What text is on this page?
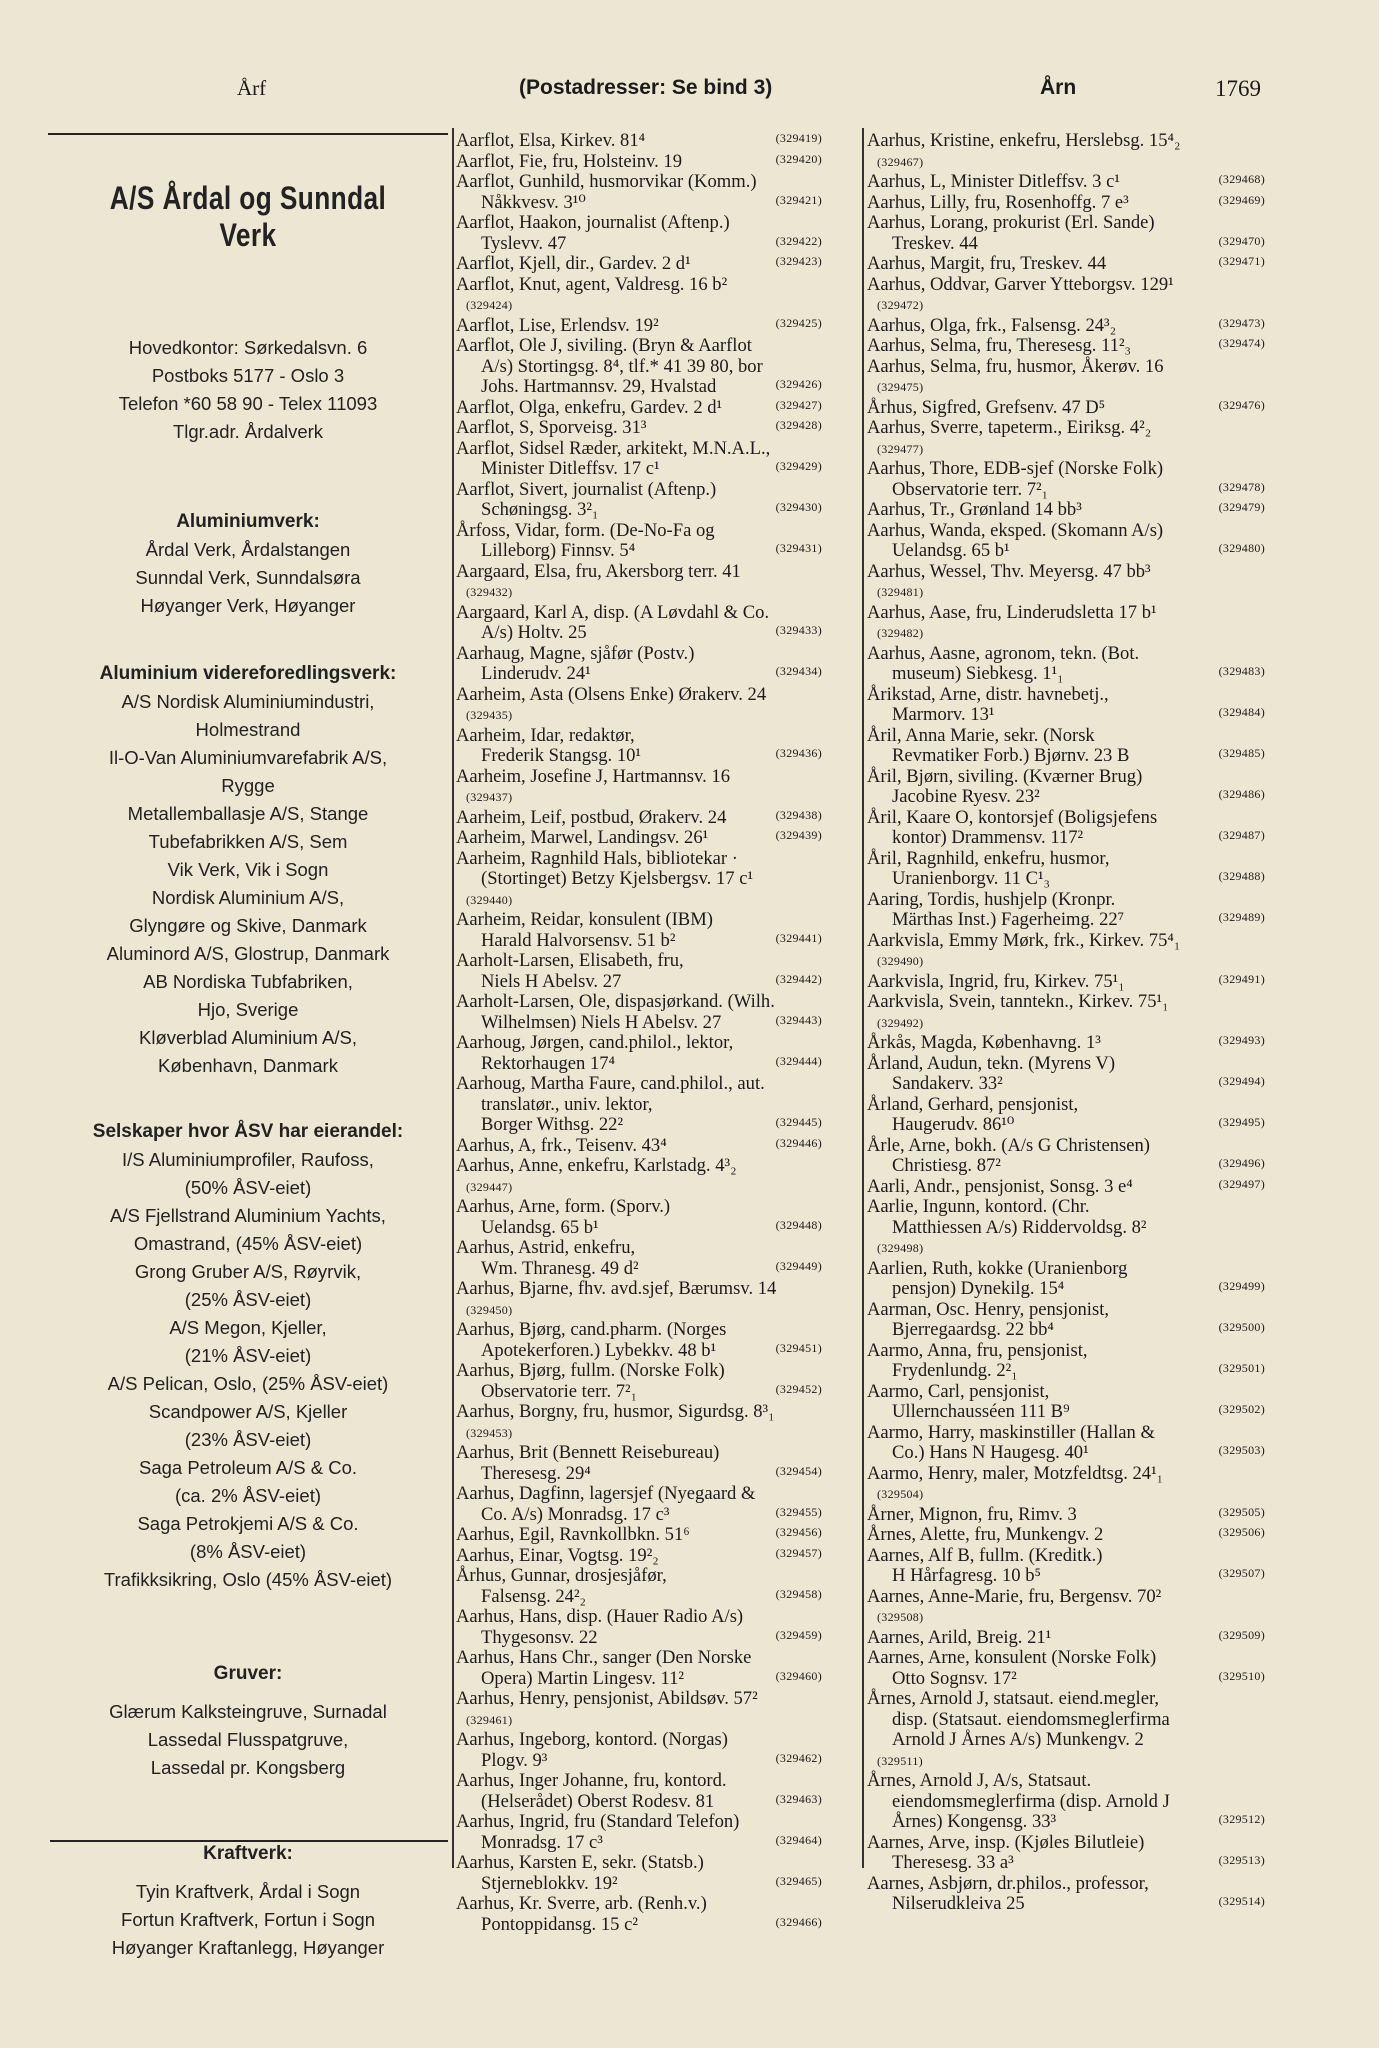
Årf	(Postadresser: Se bind 3)	Årn	1769
A/S Årdal og Sunndal Verk
Hovedkontor: Sørkedalsvn. 6
Postboks 5177 - Oslo 3
Telefon *60 58 90 - Telex 11093
Tlgr.adr. Årdalverk
Aluminiumverk:
Årdal Verk, Årdalstangen
Sunndal Verk, Sunndalsøra
Høyanger Verk, Høyanger
Aluminium videreforedlingsverk:
A/S Nordisk Aluminiumindustri,
Holmestrand
Il-O-Van Aluminiumvarefabrik A/S,
Rygge
Metallemballasje A/S, Stange
Tubefabrikken A/S, Sem
Vik Verk, Vik i Sogn
Nordisk Aluminium A/S,
Glyngøre og Skive, Danmark
Aluminord A/S, Glostrup, Danmark
AB Nordiska Tubfabriken,
Hjo, Sverige
Kløverblad Aluminium A/S,
København, Danmark
Selskaper hvor ÅSV har eierandel:
I/S Aluminiumprofiler, Raufoss,
(50% ÅSV-eiet)
A/S Fjellstrand Aluminium Yachts,
Omastrand, (45% ÅSV-eiet)
Grong Gruber A/S, Røyrvik,
(25% ÅSV-eiet)
A/S Megon, Kjeller,
(21% ÅSV-eiet)
A/S Pelican, Oslo, (25% ÅSV-eiet)
Scandpower A/S, Kjeller
(23% ÅSV-eiet)
Saga Petroleum A/S & Co.
(ca. 2% ÅSV-eiet)
Saga Petrokjemi A/S & Co.
(8% ÅSV-eiet)
Trafikksikring, Oslo (45% ÅSV-eiet)
Gruver:
Glærum Kalksteingruve, Surnadal
Lassedal Flusspatgruve,
Lassedal pr. Kongsberg
Kraftverk:
Tyin Kraftverk, Årdal i Sogn
Fortun Kraftverk, Fortun i Sogn
Høyanger Kraftanlegg, Høyanger
Aarflot, Elsa, Kirkev. 81⁴	(329419)
Aarflot, Fie, fru, Holsteinv. 19	(329420)
Aarflot, Gunhild, husmorvikar (Komm.)
Nåkkvesv. 3¹⁰	(329421)
Aarflot, Haakon, journalist (Aftenp.)
Tyslevv. 47	(329422)
Aarflot, Kjell, dir., Gardev. 2 d¹	(329423)
Aarflot, Knut, agent, Valdresg. 16 b²
(329424)
Aarflot, Lise, Erlendsv. 19²	(329425)
Aarflot, Ole J, siviling. (Bryn & Aarflot
A/s) Stortingsg. 8⁴, tlf.* 41 39 80, bor
Johs. Hartmannsv. 29, Hvalstad	(329426)
Aarflot, Olga, enkefru, Gardev. 2 d¹	(329427)
Aarflot, S, Sporveisg. 31³	(329428)
Aarflot, Sidsel Ræder, arkitekt, M.N.A.L.,
Minister Ditleffsv. 17 c¹	(329429)
Aarflot, Sivert, journalist (Aftenp.)
Schøningsg. 3²₁	(329430)
Årfoss, Vidar, form. (De-No-Fa og
Lilleborg) Finnsv. 5⁴	(329431)
Aargaard, Elsa, fru, Akersborg terr. 41
(329432)
Aargaard, Karl A, disp. (A Løvdahl & Co.
A/s) Holtv. 25	(329433)
Aarhaug, Magne, sjåfør (Postv.)
Linderudv. 24¹	(329434)
Aarheim, Asta (Olsens Enke) Ørakerv. 24
(329435)
Aarheim, Idar, redaktør,
Frederik Stangsg. 10¹	(329436)
Aarheim, Josefine J, Hartmannsv. 16
(329437)
Aarheim, Leif, postbud, Ørakerv. 24	(329438)
Aarheim, Marwel, Landingsv. 26¹	(329439)
Aarheim, Ragnhild Hals, bibliotekar ·
(Stortinget) Betzy Kjelsbergsv. 17 c¹
(329440)
Aarheim, Reidar, konsulent (IBM)
Harald Halvorsensv. 51 b²	(329441)
Aarholt-Larsen, Elisabeth, fru,
Niels H Abelsv. 27	(329442)
Aarholt-Larsen, Ole, dispasjørkand. (Wilh.
Wilhelmsen) Niels H Abelsv. 27	(329443)
Aarhoug, Jørgen, cand.philol., lektor,
Rektorhaugen 17⁴	(329444)
Aarhoug, Martha Faure, cand.philol., aut.
translatør., univ. lektor,
Borger Withsg. 22²	(329445)
Aarhus, A, frk., Teisenv. 43⁴	(329446)
Aarhus, Anne, enkefru, Karlstadg. 4³₂
(329447)
Aarhus, Arne, form. (Sporv.)
Uelandsg. 65 b¹	(329448)
Aarhus, Astrid, enkefru,
Wm. Thranesg. 49 d²	(329449)
Aarhus, Bjarne, fhv. avd.sjef, Bærumsv. 14
(329450)
Aarhus, Bjørg, cand.pharm. (Norges
Apotekerforen.) Lybekkv. 48 b¹	(329451)
Aarhus, Bjørg, fullm. (Norske Folk)
Observatorie terr. 7²₁	(329452)
Aarhus, Borgny, fru, husmor, Sigurdsg. 8³₁
(329453)
Aarhus, Brit (Bennett Reisebureau)
Theresesg. 29⁴	(329454)
Aarhus, Dagfinn, lagersjef (Nyegaard &
Co. A/s) Monradsg. 17 c³	(329455)
Aarhus, Egil, Ravnkollbkn. 51⁶	(329456)
Aarhus, Einar, Vogtsg. 19²₂	(329457)
Århus, Gunnar, drosjesjåfør,
Falsensg. 24²₂	(329458)
Aarhus, Hans, disp. (Hauer Radio A/s)
Thygesonsv. 22	(329459)
Aarhus, Hans Chr., sanger (Den Norske
Opera) Martin Lingesv. 11²	(329460)
Aarhus, Henry, pensjonist, Abildsøv. 57²
(329461)
Aarhus, Ingeborg, kontord. (Norgas)
Plogv. 9³	(329462)
Aarhus, Inger Johanne, fru, kontord.
(Helserådet) Oberst Rodesv. 81	(329463)
Aarhus, Ingrid, fru (Standard Telefon)
Monradsg. 17 c³	(329464)
Aarhus, Karsten E, sekr. (Statsb.)
Stjerneblokkv. 19²	(329465)
Aarhus, Kr. Sverre, arb. (Renh.v.)
Pontoppidansg. 15 c²	(329466)
Aarhus, Kristine, enkefru, Herslebsg. 15⁴₂
(329467)
Aarhus, L, Minister Ditleffsv. 3 c¹	(329468)
Aarhus, Lilly, fru, Rosenhoffg. 7 e³	(329469)
Aarhus, Lorang, prokurist (Erl. Sande)
Treskev. 44	(329470)
Aarhus, Margit, fru, Treskev. 44	(329471)
Aarhus, Oddvar, Garver Ytteborgsv. 129¹
(329472)
Aarhus, Olga, frk., Falsensg. 24³₂	(329473)
Aarhus, Selma, fru, Theresesg. 11²₃	(329474)
Aarhus, Selma, fru, husmor, Åkerøv. 16
(329475)
Århus, Sigfred, Grefsenv. 47 D⁵	(329476)
Aarhus, Sverre, tapeterm., Eiriksg. 4²₂
(329477)
Aarhus, Thore, EDB-sjef (Norske Folk)
Observatorie terr. 7²₁	(329478)
Aarhus, Tr., Grønland 14 bb³	(329479)
Aarhus, Wanda, eksped. (Skomann A/s)
Uelandsg. 65 b¹	(329480)
Aarhus, Wessel, Thv. Meyersg. 47 bb³
(329481)
Aarhus, Aase, fru, Linderudsletta 17 b¹
(329482)
Aarhus, Aasne, agronom, tekn. (Bot.
museum) Siebkesg. 1¹₁	(329483)
Årikstad, Arne, distr. havnebetj.,
Marmorv. 13¹	(329484)
Åril, Anna Marie, sekr. (Norsk
Revmatiker Forb.) Bjørnv. 23 B	(329485)
Åril, Bjørn, siviling. (Kværner Brug)
Jacobine Ryesv. 23²	(329486)
Åril, Kaare O, kontorsjef (Boligsjefens
kontor) Drammensv. 117²	(329487)
Åril, Ragnhild, enkefru, husmor,
Uranienborgv. 11 C¹₃	(329488)
Aaring, Tordis, hushjelp (Kronpr.
Märthas Inst.) Fagerheimg. 22⁷	(329489)
Aarkvisla, Emmy Mørk, frk., Kirkev. 75⁴₁
(329490)
Aarkvisla, Ingrid, fru, Kirkev. 75¹₁	(329491)
Aarkvisla, Svein, tanntekn., Kirkev. 75¹₁
(329492)
Årkås, Magda, Københavng. 1³	(329493)
Årland, Audun, tekn. (Myrens V)
Sandakerv. 33²	(329494)
Årland, Gerhard, pensjonist,
Haugerudv. 86¹⁰	(329495)
Årle, Arne, bokh. (A/s G Christensen)
Christiesg. 87²	(329496)
Aarli, Andr., pensjonist, Sonsg. 3 e⁴	(329497)
Aarlie, Ingunn, kontord. (Chr.
Matthiessen A/s) Riddervoldsg. 8²
(329498)
Aarlien, Ruth, kokke (Uranienborg
pensjon) Dynekilg. 15⁴	(329499)
Aarman, Osc. Henry, pensjonist,
Bjerregaardsg. 22 bb⁴	(329500)
Aarmo, Anna, fru, pensjonist,
Frydenlundg. 2²₁	(329501)
Aarmo, Carl, pensjonist,
Ullernchausséen 111 B⁹	(329502)
Aarmo, Harry, maskinstiller (Hallan &
Co.) Hans N Haugesg. 40¹	(329503)
Aarmo, Henry, maler, Motzfeldtsg. 24¹₁
(329504)
Årner, Mignon, fru, Rimv. 3	(329505)
Årnes, Alette, fru, Munkengv. 2	(329506)
Aarnes, Alf B, fullm. (Kreditk.)
H Hårfagresg. 10 b⁵	(329507)
Aarnes, Anne-Marie, fru, Bergensv. 70²
(329508)
Aarnes, Arild, Breig. 21¹	(329509)
Aarnes, Arne, konsulent (Norske Folk)
Otto Sognsv. 17²	(329510)
Årnes, Arnold J, statsaut. eiend.megler,
disp. (Statsaut. eiendomsmeglerfirma
Arnold J Årnes A/s) Munkengv. 2
(329511)
Årnes, Arnold J, A/s, Statsaut.
eiendomsmeglerfirma (disp. Arnold J
Årnes) Kongensg. 33³	(329512)
Aarnes, Arve, insp. (Kjøles Bilutleie)
Theresesg. 33 a³	(329513)
Aarnes, Asbjørn, dr.philos., professor,
Nilserudkleiva 25	(329514)
